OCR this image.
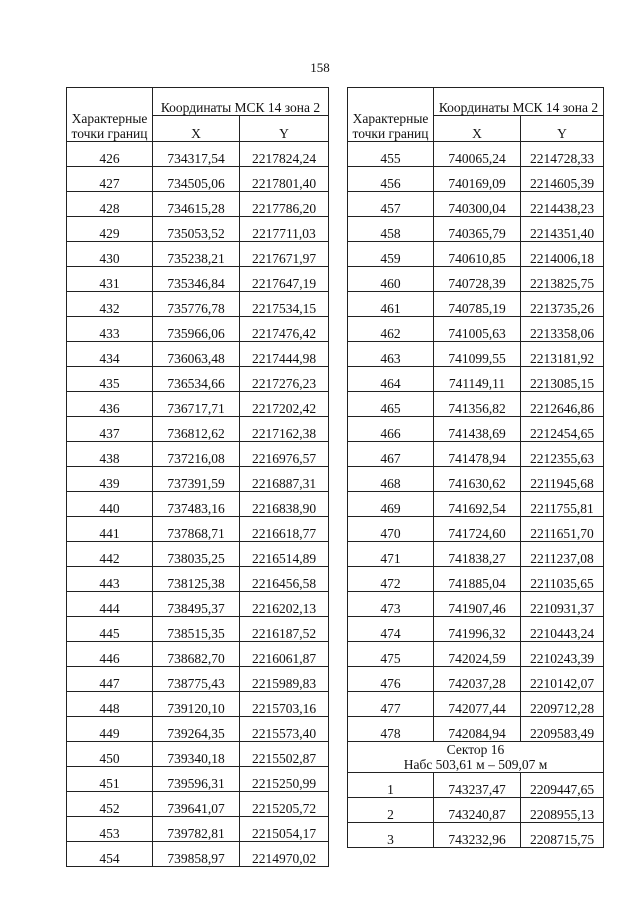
158
Характерные
точки границ	Координаты МСК 14 зона 2	
	X	Y
426	734317,54	2217824,24
427	734505,06	2217801,40
428	734615,28	2217786,20
429	735053,52	2217711,03
430	735238,21	2217671,97
431	735346,84	2217647,19
432	735776,78	2217534,15
433	735966,06	2217476,42
434	736063,48	2217444,98
435	736534,66	2217276,23
436	736717,71	2217202,42
437	736812,62	2217162,38
438	737216,08	2216976,57
439	737391,59	2216887,31
440	737483,16	2216838,90
441	737868,71	2216618,77
442	738035,25	2216514,89
443	738125,38	2216456,58
444	738495,37	2216202,13
445	738515,35	2216187,52
446	738682,70	2216061,87
447	738775,43	2215989,83
448	739120,10	2215703,16
449	739264,35	2215573,40
450	739340,18	2215502,87
451	739596,31	2215250,99
452	739641,07	2215205,72
453	739782,81	2215054,17
454	739858,97	2214970,02
Характерные
точки границ	Координаты МСК 14 зона 2	
	X	Y
455	740065,24	2214728,33
456	740169,09	2214605,39
457	740300,04	2214438,23
458	740365,79	2214351,40
459	740610,85	2214006,18
460	740728,39	2213825,75
461	740785,19	2213735,26
462	741005,63	2213358,06
463	741099,55	2213181,92
464	741149,11	2213085,15
465	741356,82	2212646,86
466	741438,69	2212454,65
467	741478,94	2212355,63
468	741630,62	2211945,68
469	741692,54	2211755,81
470	741724,60	2211651,70
471	741838,27	2211237,08
472	741885,04	2211035,65
473	741907,46	2210931,37
474	741996,32	2210443,24
475	742024,59	2210243,39
476	742037,28	2210142,07
477	742077,44	2209712,28
478	742084,94	2209583,49
Сектор 16
Набс 503,61 м – 509,07 м		
1	743237,47	2209447,65
2	743240,87	2208955,13
3	743232,96	2208715,75
